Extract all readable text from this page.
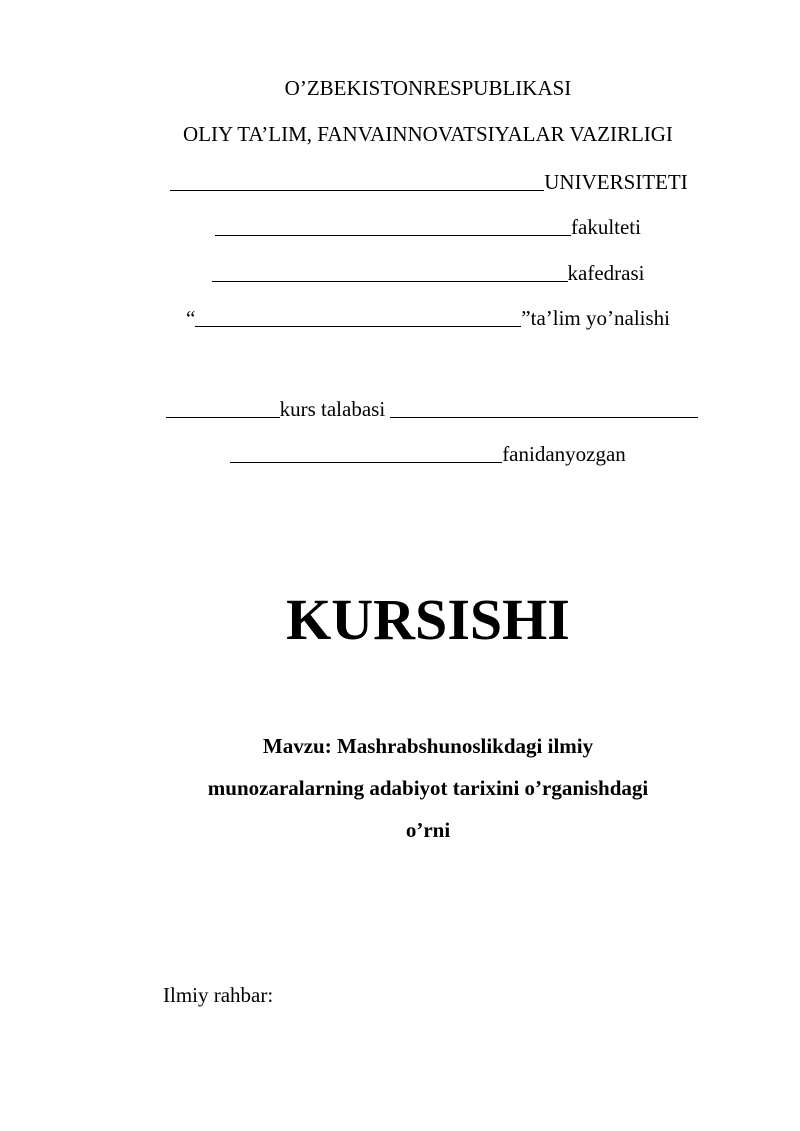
O’ZBEKISTONRESPUBLIKASI
OLIY TA’LIM, FANVAINNOVATSIYALAR VAZIRLIGI
UNIVERSITETI
fakulteti
kafedrasi
“	”ta’lim yo’nalishi
kurs talabasi
fanidanyozgan
KURSISHI
Mavzu: Mashrabshunoslikdagi ilmiy
munozaralarning adabiyot tarixini o’rganishdagi
o’rni
Ilmiy rahbar:
